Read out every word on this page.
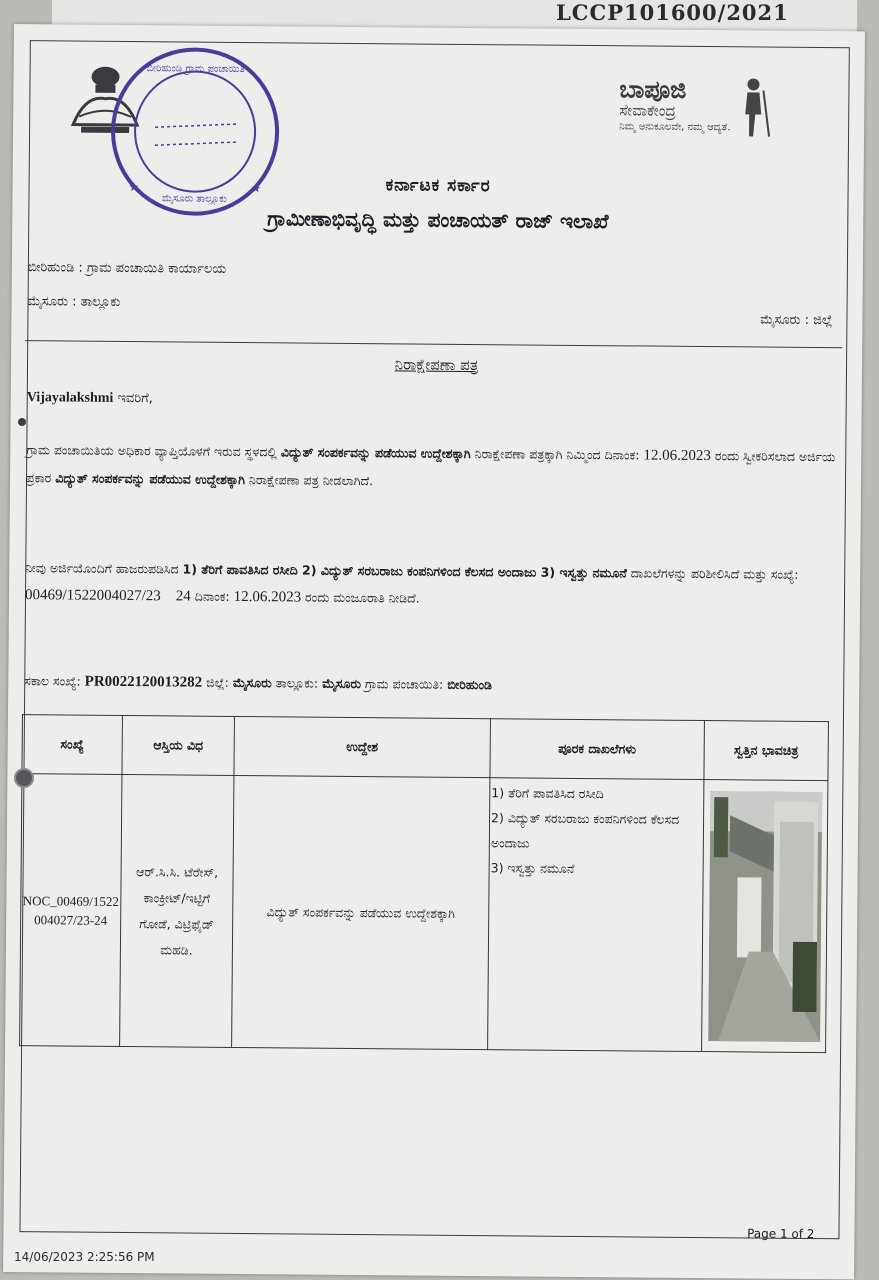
LCCP101600/2021
ಬೀರಿಹುಂಡಿ ಗ್ರಾಮ ಪಂಚಾಯಿತಿ
ಮೈಸೂರು ತಾಲ್ಲೂಕು
★	★
ಬಾಪೂಜಿ
ಸೇವಾಕೇಂದ್ರ
ನಿಮ್ಮ ಅನುಕೂಲವೇ, ನಮ್ಮ ಆದ್ಯತೆ.
ಕರ್ನಾಟಕ ಸರ್ಕಾರ
ಗ್ರಾಮೀಣಾಭಿವೃದ್ಧಿ ಮತ್ತು ಪಂಚಾಯತ್ ರಾಜ್ ಇಲಾಖೆ
ಬೀರಿಹುಂಡಿ : ಗ್ರಾಮ ಪಂಚಾಯಿತಿ ಕಾರ್ಯಾಲಯ
ಮೈಸೂರು : ತಾಲ್ಲೂಕು
ಮೈಸೂರು : ಜಿಲ್ಲೆ
ನಿರಾಕ್ಷೇಪಣಾ ಪತ್ರ
Vijayalakshmi ಇವರಿಗೆ,
ಗ್ರಾಮ ಪಂಚಾಯಿತಿಯ ಅಧಿಕಾರ ವ್ಯಾಪ್ತಿಯೊಳಗೆ ಇರುವ ಸ್ಥಳದಲ್ಲಿ ವಿದ್ಯುತ್ ಸಂಪರ್ಕವನ್ನು ಪಡೆಯುವ ಉದ್ದೇಶಕ್ಕಾಗಿ ನಿರಾಕ್ಷೇಪಣಾ ಪತ್ರಕ್ಕಾಗಿ ನಿಮ್ಮಿಂದ ದಿನಾಂಕ: 12.06.2023 ರಂದು ಸ್ವೀಕರಿಸಲಾದ ಅರ್ಜಿಯ ಪ್ರಕಾರ ವಿದ್ಯುತ್ ಸಂಪರ್ಕವನ್ನು ಪಡೆಯುವ ಉದ್ದೇಶಕ್ಕಾಗಿ ನಿರಾಕ್ಷೇಪಣಾ ಪತ್ರ ನೀಡಲಾಗಿದೆ.
ನೀವು ಅರ್ಜಿಯೊಂದಿಗೆ ಹಾಜರುಪಡಿಸಿದ 1) ತೆರಿಗೆ ಪಾವತಿಸಿದ ರಸೀದಿ 2) ವಿದ್ಯುತ್ ಸರಬರಾಜು ಕಂಪನಿಗಳಿಂದ ಕೆಲಸದ ಅಂದಾಜು 3) ಇಸ್ವತ್ತು ನಮೂನೆ ದಾಖಲೆಗಳನ್ನು ಪರಿಶೀಲಿಸಿದೆ ಮತ್ತು ಸಂಖ್ಯೆ: 00469/1522004027/23    24 ದಿನಾಂಕ: 12.06.2023 ರಂದು ಮಂಜೂರಾತಿ ನೀಡಿದೆ.
ಸಕಾಲ ಸಂಖ್ಯೆ: PR0022120013282 ಜಿಲ್ಲೆ: ಮೈಸೂರು ತಾಲ್ಲೂಕು: ಮೈಸೂರು ಗ್ರಾಮ ಪಂಚಾಯಿತಿ: ಬೀರಿಹುಂಡಿ
ಸಂಖ್ಯೆ	ಆಸ್ತಿಯ ವಿಧ	ಉದ್ದೇಶ	ಪೂರಕ ದಾಖಲೆಗಳು	ಸ್ವತ್ತಿನ ಭಾವಚಿತ್ರ
NOC_00469/1522004027/23-24	ಆರ್.ಸಿ.ಸಿ. ಟೆರೇಸ್, ಕಾಂಕ್ರೀಟ್/ಇಟ್ಟಿಗೆ ಗೋಡೆ, ವಿಟ್ರಿಫೈಡ್ ಮಹಡಿ.	ವಿದ್ಯುತ್ ಸಂಪರ್ಕವನ್ನು ಪಡೆಯುವ ಉದ್ದೇಶಕ್ಕಾಗಿ	1) ತೆರಿಗೆ ಪಾವತಿಸಿದ ರಸೀದಿ
2) ವಿದ್ಯುತ್ ಸರಬರಾಜು ಕಂಪನಿಗಳಿಂದ ಕೆಲಸದ ಅಂದಾಜು
3) ಇಸ್ವತ್ತು ನಮೂನೆ

Page 1 of 2
14/06/2023 2:25:56 PM
